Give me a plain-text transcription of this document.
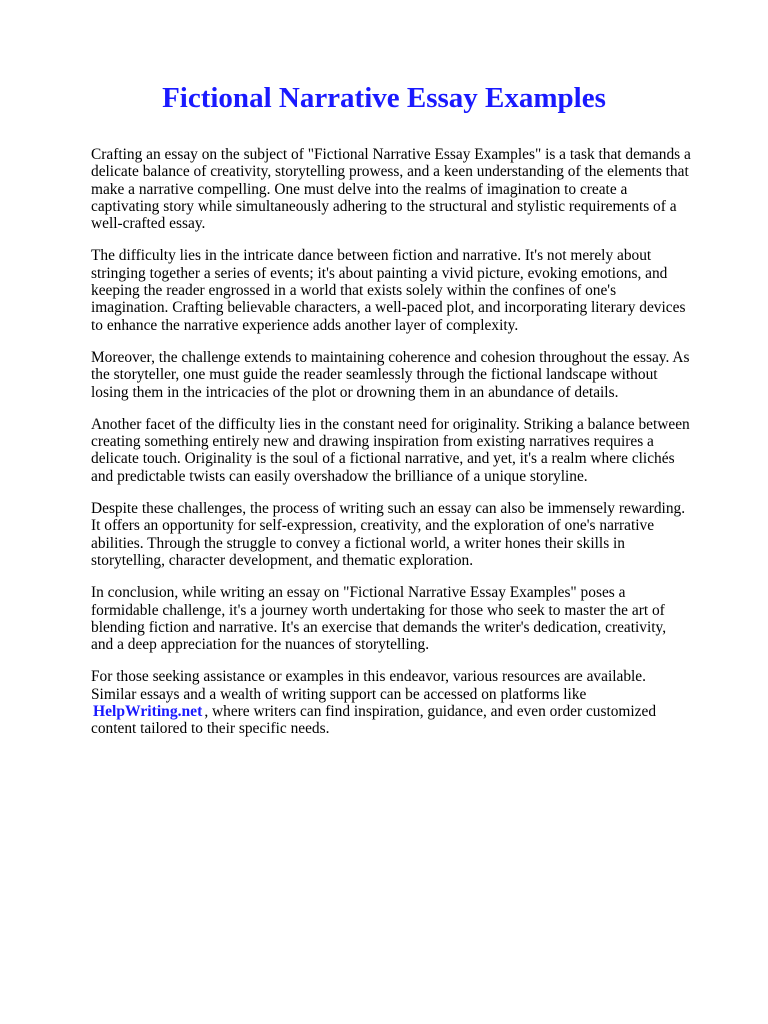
Fictional Narrative Essay Examples

Crafting an essay on the subject of "Fictional Narrative Essay Examples" is a task that demands a delicate balance of creativity, storytelling prowess, and a keen understanding of the elements that make a narrative compelling. One must delve into the realms of imagination to create a captivating story while simultaneously adhering to the structural and stylistic requirements of a well-crafted essay.

The difficulty lies in the intricate dance between fiction and narrative. It's not merely about stringing together a series of events; it's about painting a vivid picture, evoking emotions, and keeping the reader engrossed in a world that exists solely within the confines of one's imagination. Crafting believable characters, a well-paced plot, and incorporating literary devices to enhance the narrative experience adds another layer of complexity.

Moreover, the challenge extends to maintaining coherence and cohesion throughout the essay. As the storyteller, one must guide the reader seamlessly through the fictional landscape without losing them in the intricacies of the plot or drowning them in an abundance of details.

Another facet of the difficulty lies in the constant need for originality. Striking a balance between creating something entirely new and drawing inspiration from existing narratives requires a delicate touch. Originality is the soul of a fictional narrative, and yet, it's a realm where clichés and predictable twists can easily overshadow the brilliance of a unique storyline.

Despite these challenges, the process of writing such an essay can also be immensely rewarding. It offers an opportunity for self-expression, creativity, and the exploration of one's narrative abilities. Through the struggle to convey a fictional world, a writer hones their skills in storytelling, character development, and thematic exploration.

In conclusion, while writing an essay on "Fictional Narrative Essay Examples" poses a formidable challenge, it's a journey worth undertaking for those who seek to master the art of blending fiction and narrative. It's an exercise that demands the writer's dedication, creativity, and a deep appreciation for the nuances of storytelling.

For those seeking assistance or examples in this endeavor, various resources are available. Similar essays and a wealth of writing support can be accessed on platforms like HelpWriting.net , where writers can find inspiration, guidance, and even order customized content tailored to their specific needs.
